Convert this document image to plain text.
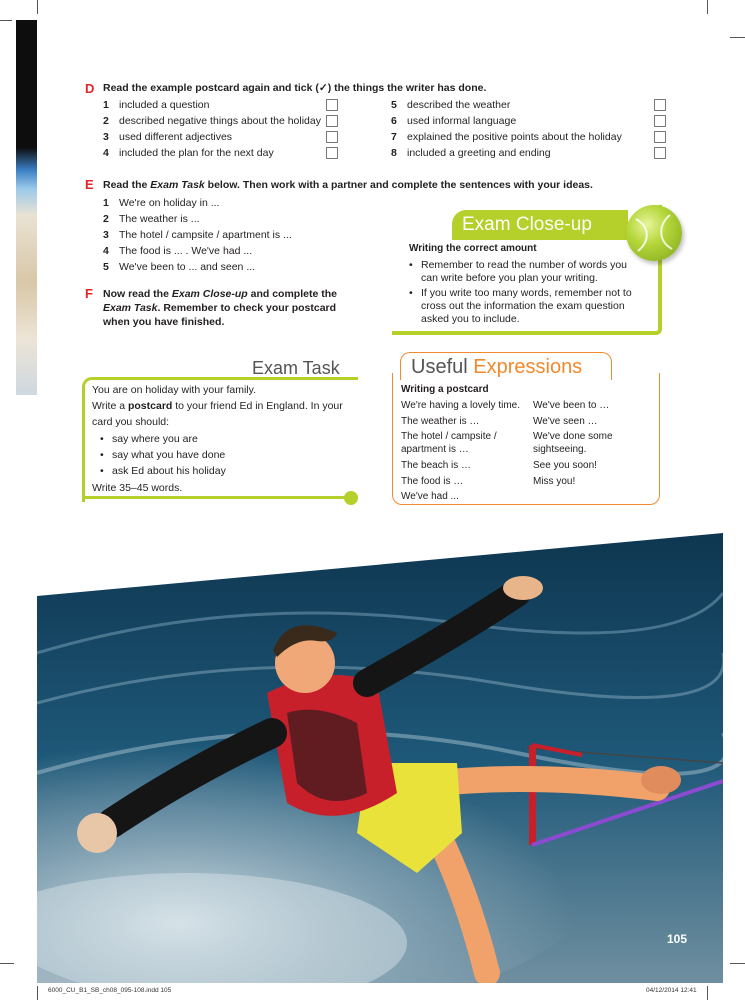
D Read the example postcard again and tick (✓) the things the writer has done.
1 included a question
2 described negative things about the holiday
3 used different adjectives
4 included the plan for the next day
5 described the weather
6 used informal language
7 explained the positive points about the holiday
8 included a greeting and ending
E Read the Exam Task below. Then work with a partner and complete the sentences with your ideas.
1 We're on holiday in ...
2 The weather is ...
3 The hotel / campsite / apartment is ...
4 The food is ... . We've had ...
5 We've been to ... and seen ...
F Now read the Exam Close-up and complete the
Exam Task. Remember to check your postcard
when you have finished.
Exam Close-up
Writing the correct amount
• Remember to read the number of words you
can write before you plan your writing.
• If you write too many words, remember not to
cross out the information the exam question
asked you to include.
Exam Task
You are on holiday with your family.
Write a postcard to your friend Ed in England. In your
card you should:
• say where you are
• say what you have done
• ask Ed about his holiday
Write 35–45 words.
Useful Expressions
Writing a postcard
We're having a lovely time.
The weather is …
The hotel / campsite /
apartment is …
The beach is …
The food is …
We've had ...
We've been to …
We've seen …
We've done some
sightseeing.
See you soon!
Miss you!
105
6000_CU_B1_SB_ch08_095-108.indd 105	04/12/2014 12:41
